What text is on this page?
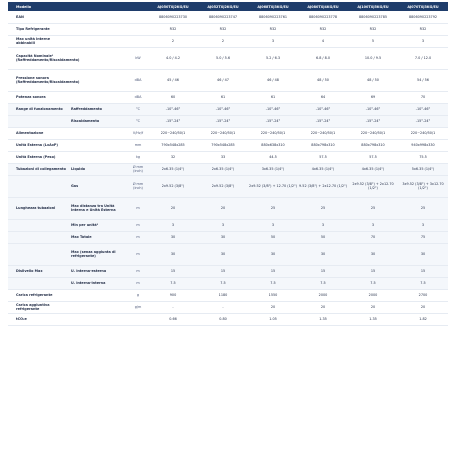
Modello			AJ050TXJ2KG/EU	AJ052TXJ2KG/EU	AJ068TXJ3KG/EU	AJ080TXJ4KG/EU	AJ100TXJ5KG/EU	AJ070TXJ3KG/EU
EAN			8806090223730	8806090223747	8806090223761	8806090223778	8806090223785	8806090223792
Tipo Refrigerante			R32	R32	R32	R32	R32	R32
Max unità interne abbinabili			2	2	3	4	5	3
Capacità Nominale¹ (Raffreddamento/Riscaldamento)		kW	4.0 / 4.2	5.0 / 5.6	5.2 / 6.3	6.8 / 8.0	10.0 / 9.5	7.0 / 12.0
Pressione sonora (Raffreddamento/Riscaldamento)		dBA	45 / 46	46 / 47	46 / 48	48 / 50	48 / 50	54 / 56
Potenza sonora		dBA	60	61	61	64	69	70
Range di funzionamento	Raffreddamento	°C	-10°-46°	-10°-46°	-10°-46°	-10°-46°	-10°-46°	-10°-46°
	Riscaldamento	°C	-15°-24°	-15°-24°	-15°-24°	-15°-24°	-15°-24°	-15°-24°
Alimentazione		V/Hz/f	220~240/50/1	220~240/50/1	220~240/50/1	220~240/50/1	220~240/50/1	220~240/50/1
Unità Esterna (LxAxP)		mm	790x548x285	790x548x285	880x638x310	880x798x310	880x798x310	940x998x330
Unità Esterna (Peso)		kg	32	33	44.5	57.5	57.5	75.5
Tubazioni di collegamento	Liquido	Ø mm (inch)	2x6.35 (1/4")	2x6.35 (1/4")	3x6.35 (1/4")	4x6.35 (1/4")	4x6.35 (1/4")	5x6.35 (1/4")
	Gas	Ø mm (inch)	2x9.52 (3/8")	2x9.52 (3/8")	2x9.52 (3/8") + 12.70 (1/2")	9.52 (3/8") + 2x12.70 (1/2")	2x9.52 (3/8") + 2x12.70 (1/2")	3x9.52 (3/8") + 3x12.70 (1/2")
Lunghezza tubazioni	Max distanza tra Unità Interna e Unità Esterna	m	20	20	25	25	25	25
	Min per unità²	m	3	3	3	3	3	3
	Max Totale	m	30	30	50	50	70	75
	Max (senza aggiunta di refrigerante)	m	30	30	30	30	30	30
Dislivello Max	U. interna-esterna	m	15	15	15	15	15	15
	U. interna-interna	m	7.5	7.5	7.5	7.5	7.5	7.5
Carica refrigerante		g	900	1180	1550	2000	2000	2700
Carica aggiuntiva refrigerante		g/m	-	-	20	20	20	20
tCO₂e			0.66	0.80	1.05	1.35	1.35	1.82
